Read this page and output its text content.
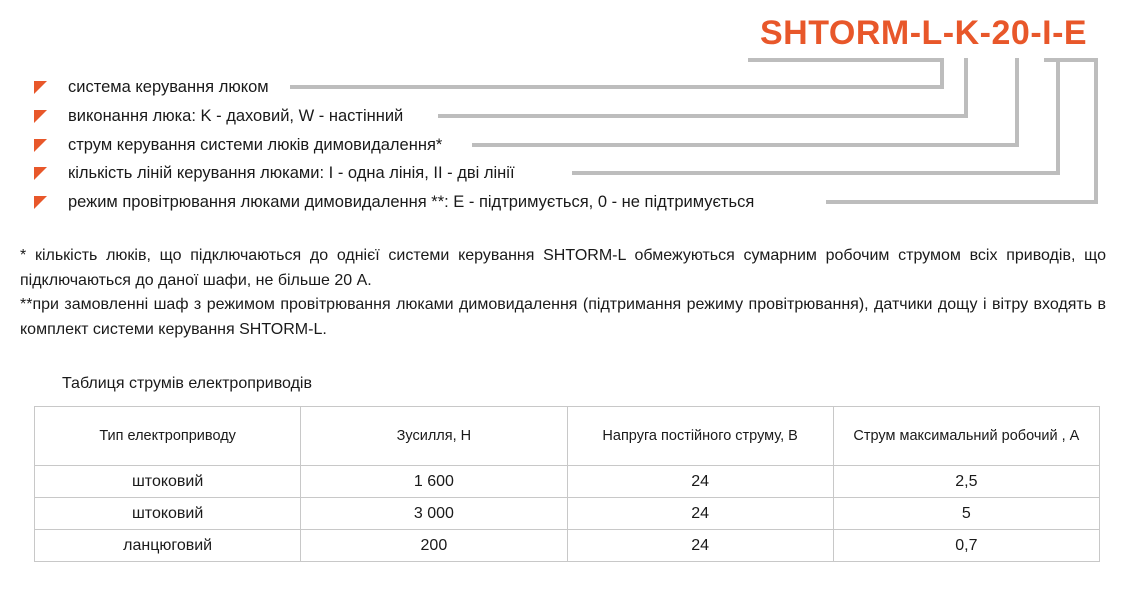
SHTORM-L-K-20-I-E
система керування люком
виконання люка: K - даховий, W - настінний
струм керування системи люків димовидалення*
кількість ліній керування люками: I - одна лінія, II - дві лінії
режим провітрювання люками димовидалення **: E - підтримується, 0 - не підтримується

* кількість люків, що підключаються до однієї системи керування SHTORM-L обмежуються сумарним робочим струмом всіх приводів, що підключаються до даної шафи, не більше 20 А.

**при замовленні шаф з режимом провітрювання люками димовидалення (підтримання режиму провітрювання), датчики дощу і вітру входять в комплект системи керування SHTORM-L.

Таблиця струмів електроприводів

Тип електроприводу	Зусилля, Н	Напруга постійного струму, В	Струм максимальний робочий , А
штоковий	1 600	24	2,5
штоковий	3 000	24	5
ланцюговий	200	24	0,7
